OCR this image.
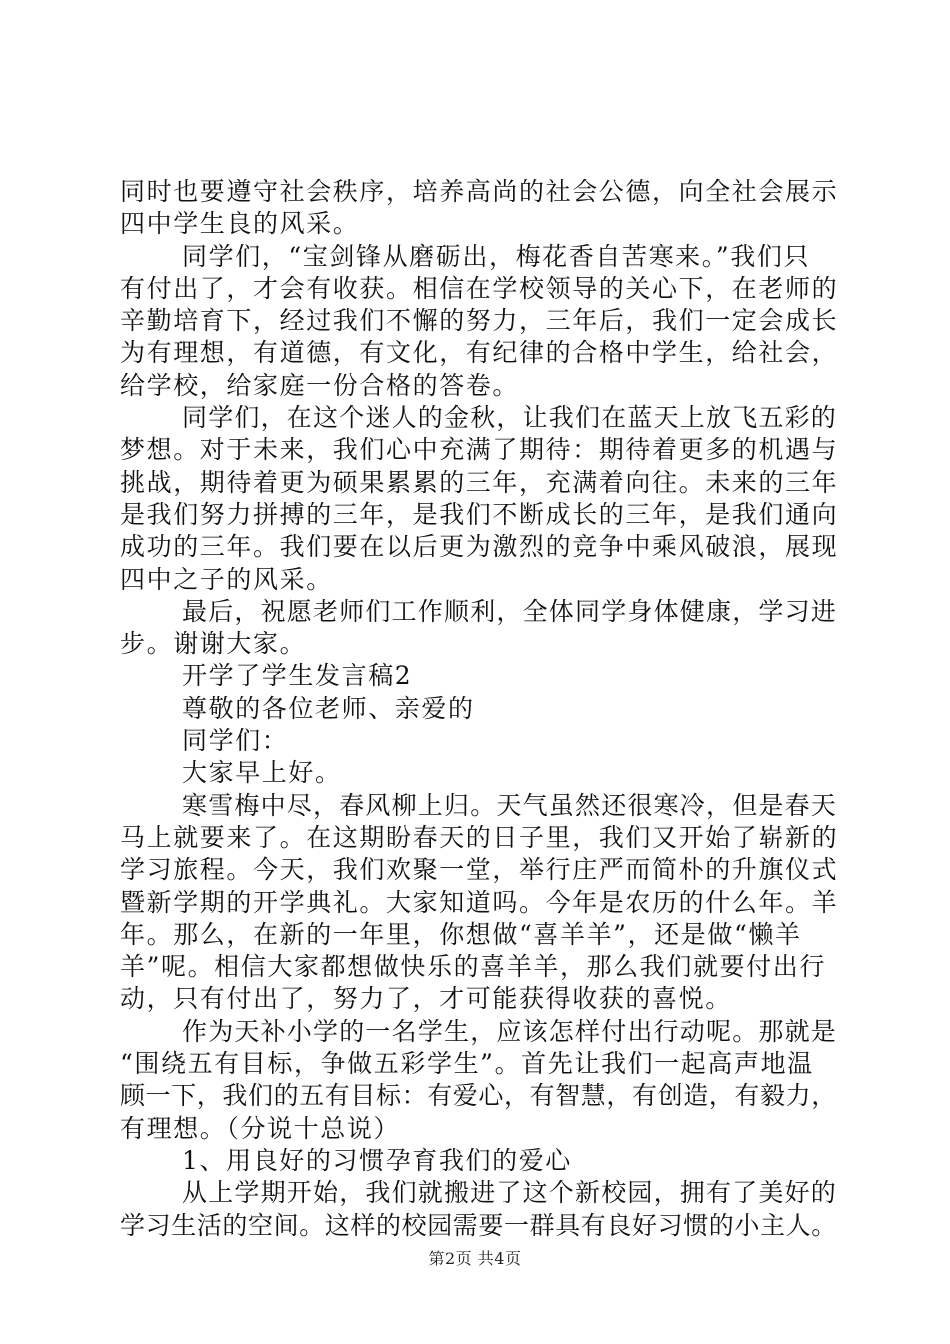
同时也要遵守社会秩序，培养高尚的社会公德，向全社会展示
四中学生良的风采。
同学们，“宝剑锋从磨砺出，梅花香自苦寒来。”我们只
有付出了，才会有收获。相信在学校领导的关心下，在老师的
辛勤培育下，经过我们不懈的努力，三年后，我们一定会成长
为有理想，有道德，有文化，有纪律的合格中学生，给社会，
给学校，给家庭一份合格的答卷。
同学们，在这个迷人的金秋，让我们在蓝天上放飞五彩的
梦想。对于未来，我们心中充满了期待：期待着更多的机遇与
挑战，期待着更为硕果累累的三年，充满着向往。未来的三年
是我们努力拼搏的三年，是我们不断成长的三年，是我们通向
成功的三年。我们要在以后更为激烈的竞争中乘风破浪，展现
四中之子的风采。
最后，祝愿老师们工作顺利，全体同学身体健康，学习进
步。谢谢大家。
开学了学生发言稿2
尊敬的各位老师、亲爱的
同学们：
大家早上好。
寒雪梅中尽，春风柳上归。天气虽然还很寒冷，但是春天
马上就要来了。在这期盼春天的日子里，我们又开始了崭新的
学习旅程。今天，我们欢聚一堂，举行庄严而简朴的升旗仪式
暨新学期的开学典礼。大家知道吗。今年是农历的什么年。羊
年。那么，在新的一年里，你想做“喜羊羊”，还是做“懒羊
羊”呢。相信大家都想做快乐的喜羊羊，那么我们就要付出行
动，只有付出了，努力了，才可能获得收获的喜悦。
作为天补小学的一名学生，应该怎样付出行动呢。那就是
“围绕五有目标，争做五彩学生”。首先让我们一起高声地温
顾一下，我们的五有目标：有爱心，有智慧，有创造，有毅力，
有理想。（分说十总说）
1、用良好的习惯孕育我们的爱心
从上学期开始，我们就搬进了这个新校园，拥有了美好的
学习生活的空间。这样的校园需要一群具有良好习惯的小主人。
第2页 共4页
